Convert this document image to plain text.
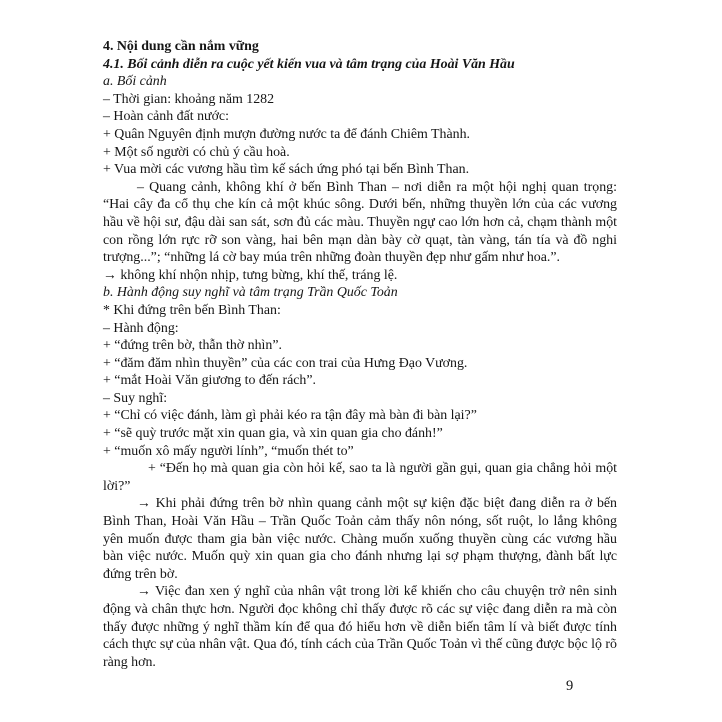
4. Nội dung cần nắm vững

4.1. Bối cảnh diễn ra cuộc yết kiến vua và tâm trạng của Hoài Văn Hầu

a. Bối cảnh

– Thời gian: khoảng năm 1282

– Hoàn cảnh đất nước:

+ Quân Nguyên định mượn đường nước ta để đánh Chiêm Thành.

+ Một số người có chủ ý cầu hoà.

+ Vua mời các vương hầu tìm kế sách ứng phó tại bến Bình Than.

– Quang cảnh, không khí ở bến Bình Than – nơi diễn ra một hội nghị quan trọng: “Hai cây đa cổ thụ che kín cả một khúc sông. Dưới bến, những thuyền lớn của các vương hầu về hội sư, đậu dài san sát, sơn đủ các màu. Thuyền ngự cao lớn hơn cả, chạm thành một con rồng lớn rực rỡ son vàng, hai bên mạn dàn bày cờ quạt, tàn vàng, tán tía và đồ nghi trượng...”; “những lá cờ bay múa trên những đoàn thuyền đẹp như gấm như hoa.”.

→ không khí nhộn nhịp, tưng bừng, khí thế, tráng lệ.

b. Hành động suy nghĩ và tâm trạng Trần Quốc Toản

* Khi đứng trên bến Bình Than:

– Hành động:

+ “đứng trên bờ, thẫn thờ nhìn”.

+ “đăm đăm nhìn thuyền” của các con trai của Hưng Đạo Vương.

+ “mắt Hoài Văn giương to đến rách”.

– Suy nghĩ:

+ “Chỉ có việc đánh, làm gì phải kéo ra tận đây mà bàn đi bàn lại?”

+ “sẽ quỳ trước mặt xin quan gia, và xin quan gia cho đánh!”

+ “muốn xô mấy người lính”, “muốn thét to”

+ “Đến họ mà quan gia còn hỏi kế, sao ta là người gần gụi, quan gia chẳng hỏi một lời?”

→ Khi phải đứng trên bờ nhìn quang cảnh một sự kiện đặc biệt đang diễn ra ở bến Bình Than, Hoài Văn Hầu – Trần Quốc Toản cảm thấy nôn nóng, sốt ruột, lo lắng không yên muốn được tham gia bàn việc nước. Chàng muốn xuống thuyền cùng các vương hầu bàn việc nước. Muốn quỳ xin quan gia cho đánh nhưng lại sợ phạm thượng, đành bất lực đứng trên bờ.

→ Việc đan xen ý nghĩ của nhân vật trong lời kể khiến cho câu chuyện trở nên sinh động và chân thực hơn. Người đọc không chỉ thấy được rõ các sự việc đang diễn ra mà còn thấy được những ý nghĩ thầm kín để qua đó hiểu hơn về diễn biến tâm lí và biết được tính cách thực sự của nhân vật. Qua đó, tính cách của Trần Quốc Toản vì thế cũng được bộc lộ rõ ràng hơn.

9
